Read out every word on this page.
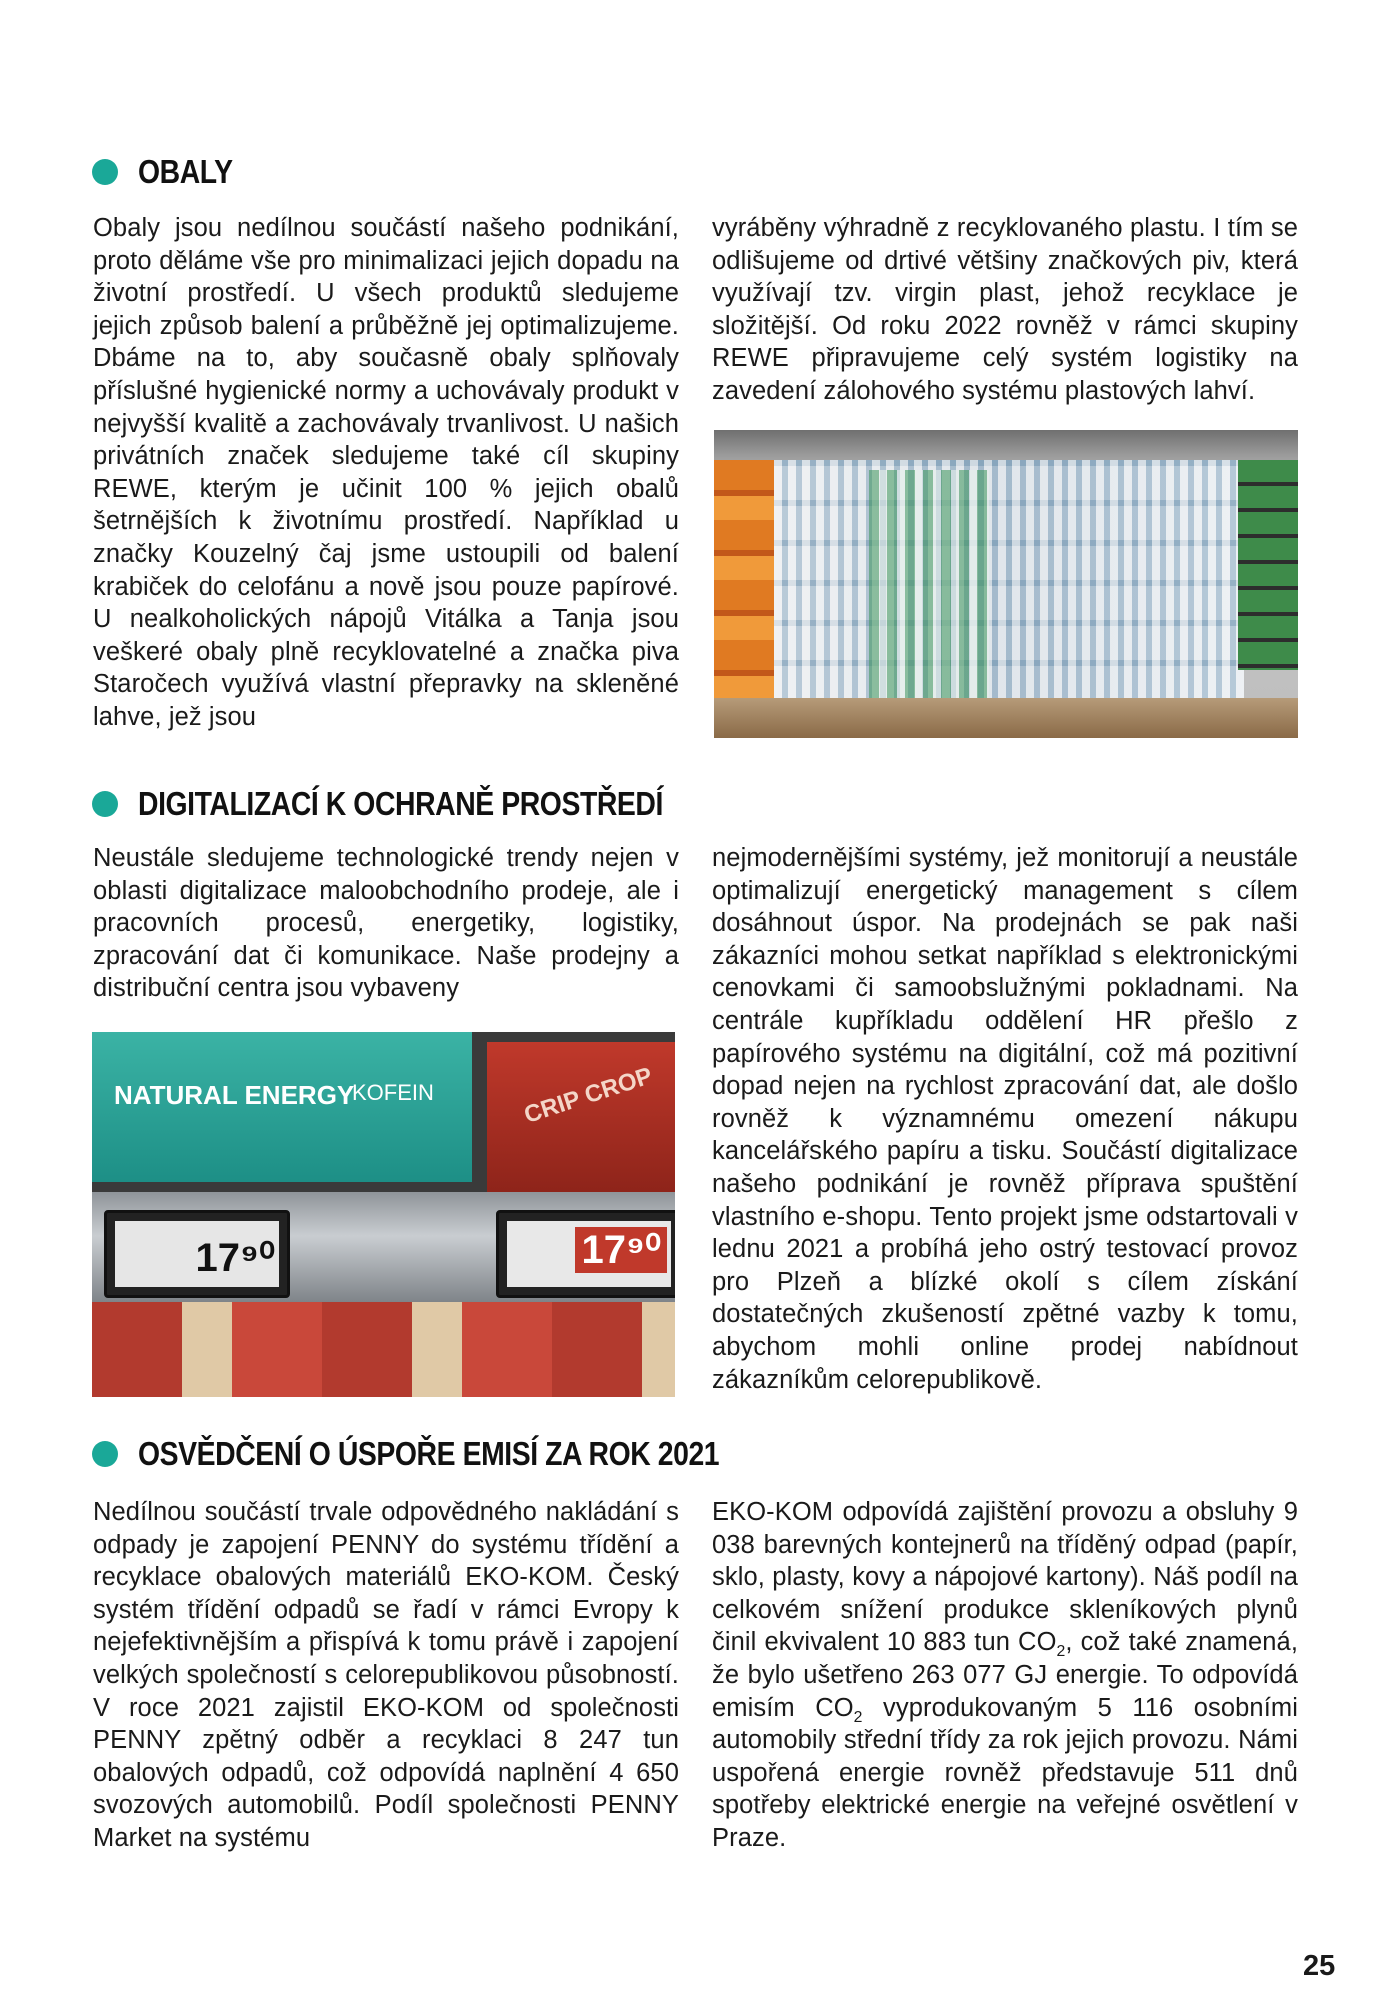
OBALY

Obaly jsou nedílnou součástí našeho podnikání, proto děláme vše pro minimalizaci jejich dopadu na životní prostředí. U všech produktů sledujeme jejich způsob balení a průběžně jej optimalizujeme. Dbáme na to, aby současně obaly splňovaly příslušné hygienické normy a uchovávaly produkt v nejvyšší kvalitě a zachovávaly trvanlivost. U našich privátních značek sledujeme také cíl skupiny REWE, kterým je učinit 100 % jejich obalů šetrnějších k životnímu prostředí. Například u značky Kouzelný čaj jsme ustoupili od balení krabiček do celofánu a nově jsou pouze papírové. U nealkoholických nápojů Vitálka a Tanja jsou veškeré obaly plně recyklovatelné a značka piva Staročech využívá vlastní přepravky na skleněné lahve, jež jsou

vyráběny výhradně z recyklovaného plastu. I tím se odlišujeme od drtivé většiny značkových piv, která využívají tzv. virgin plast, jehož recyklace je složitější. Od roku 2022 rovněž v rámci skupiny REWE připravujeme celý systém logistiky na zavedení zálohového systému plastových lahví.

DIGITALIZACÍ K OCHRANĚ PROSTŘEDÍ

Neustále sledujeme technologické trendy nejen v oblasti digitalizace maloobchodního prodeje, ale i pracovních procesů, energetiky, logistiky, zpracování dat či komunikace. Naše prodejny a distribuční centra jsou vybaveny

nejmodernějšími systémy, jež monitorují a neustále optimalizují energetický management s cílem dosáhnout úspor. Na prodejnách se pak naši zákazníci mohou setkat například s elektronickými cenovkami či samoobslužnými pokladnami. Na centrále kupříkladu oddělení HR přešlo z papírového systému na digitální, což má pozitivní dopad nejen na rychlost zpracování dat, ale došlo rovněž k významnému omezení nákupu kancelářského papíru a tisku. Součástí digitalizace našeho podnikání je rovněž příprava spuštění vlastního e-shopu. Tento projekt jsme odstartovali v lednu 2021 a probíhá jeho ostrý testovací provoz pro Plzeň a blízké okolí s cílem získání dostatečných zkušeností zpětné vazby k tomu, abychom mohli online prodej nabídnout zákazníkům celorepublikově.

NATURAL ENERGY
KOFEIN	CRIP CROP
17⁹⁰	17⁹⁰
OSVĚDČENÍ O ÚSPOŘE EMISÍ ZA ROK 2021

Nedílnou součástí trvale odpovědného nakládání s odpady je zapojení PENNY do systému třídění a recyklace obalových materiálů EKO-KOM. Český systém třídění odpadů se řadí v rámci Evropy k nejefektivnějším a přispívá k tomu právě i zapojení velkých společností s celorepublikovou působností. V roce 2021 zajistil EKO-KOM od společnosti PENNY zpětný odběr a recyklaci 8 247 tun obalových odpadů, což odpovídá naplnění 4 650 svozových automobilů. Podíl společnosti PENNY Market na systému

EKO-KOM odpovídá zajištění provozu a obsluhy 9 038 barevných kontejnerů na tříděný odpad (papír, sklo, plasty, kovy a nápojové kartony). Náš podíl na celkovém snížení produkce skleníkových plynů činil ekvivalent 10 883 tun $CO_2$, což také znamená, že bylo ušetřeno 263 077 GJ energie. To odpovídá emisím $CO_2$ vyprodukovaným 5 116 osobními automobily střední třídy za rok jejich provozu. Námi uspořená energie rovněž představuje 511 dnů spotřeby elektrické energie na veřejné osvětlení v Praze.

25
